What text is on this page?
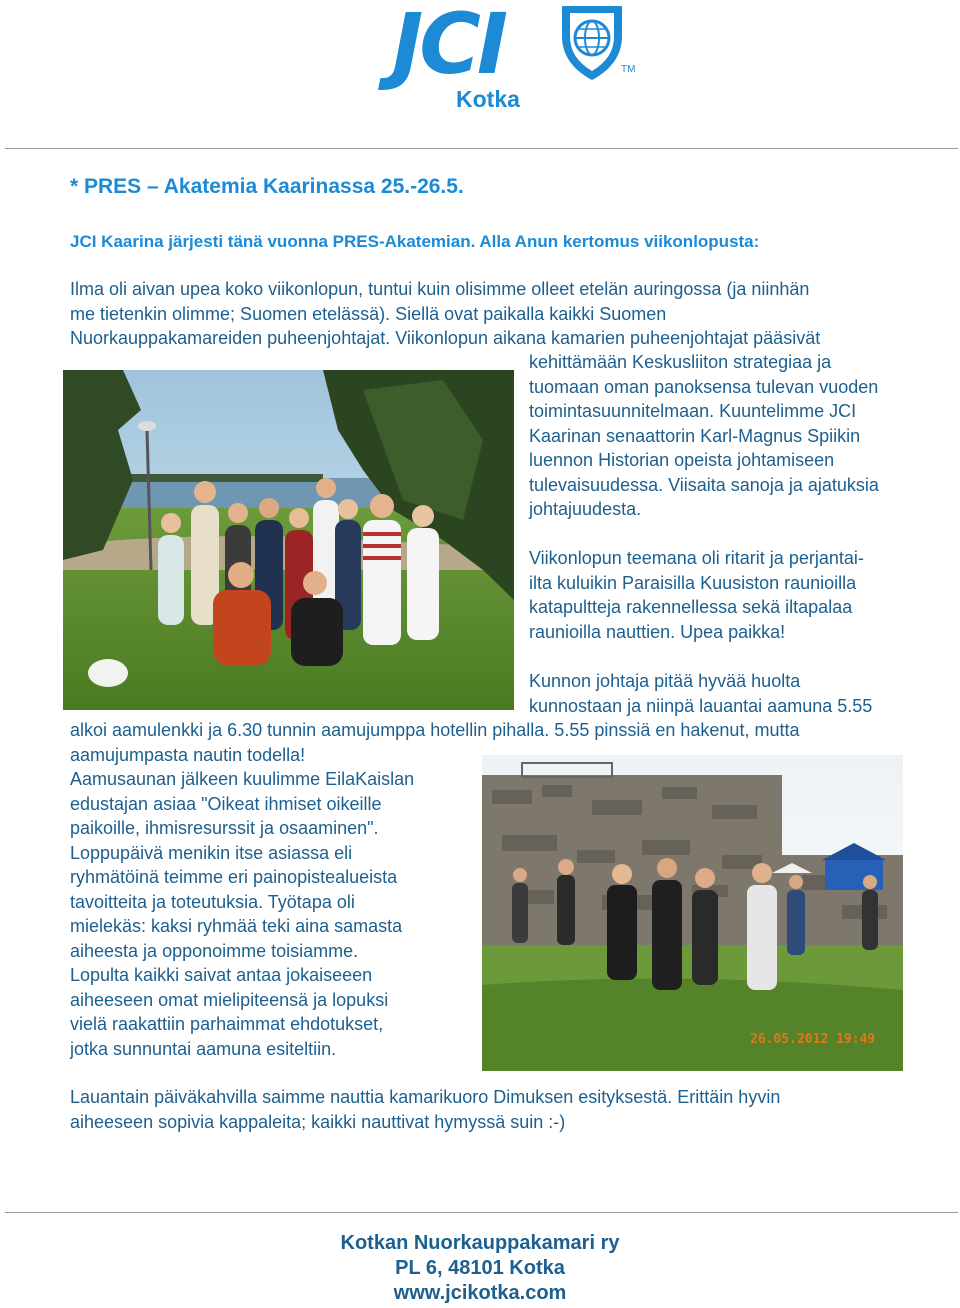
JCI	TM
Kotka
* PRES – Akatemia Kaarinassa 25.-26.5.
JCI Kaarina järjesti tänä vuonna PRES-Akatemian. Alla Anun kertomus viikonlopusta:
Ilma oli aivan upea koko viikonlopun, tuntui kuin olisimme olleet etelän auringossa (ja niinhän
me tietenkin olimme; Suomen etelässä). Siellä ovat paikalla kaikki Suomen
Nuorkauppakamareiden puheenjohtajat. Viikonlopun aikana kamarien puheenjohtajat pääsivät
kehittämään Keskusliiton strategiaa ja
tuomaan oman panoksensa tulevan vuoden
toimintasuunnitelmaan. Kuuntelimme JCI
Kaarinan senaattorin Karl-Magnus Spiikin
luennon Historian opeista johtamiseen
tulevaisuudessa. Viisaita sanoja ja ajatuksia
johtajuudesta.
Viikonlopun teemana oli ritarit ja perjantai-
ilta kuluikin Paraisilla Kuusiston raunioilla
katapultteja rakennellessa sekä iltapalaa
raunioilla nauttien. Upea paikka!
Kunnon johtaja pitää hyvää huolta
kunnostaan ja niinpä lauantai aamuna 5.55
alkoi aamulenkki ja 6.30 tunnin aamujumppa hotellin pihalla. 5.55 pinssiä en hakenut, mutta
aamujumpasta nautin todella!
Aamusaunan jälkeen kuulimme EilaKaislan
edustajan asiaa "Oikeat ihmiset oikeille
paikoille, ihmisresurssit ja osaaminen".
Loppupäivä menikin itse asiassa eli
ryhmätöinä teimme eri painopistealueista
tavoitteita ja toteutuksia. Työtapa oli
mielekäs: kaksi ryhmää teki aina samasta
aiheesta ja opponoimme toisiamme.
Lopulta kaikki saivat antaa jokaiseeen
aiheeseen omat mielipiteensä ja lopuksi
vielä raakattiin parhaimmat ehdotukset,
jotka sunnuntai aamuna esiteltiin.	26.05.2012 19:49
Lauantain päiväkahvilla saimme nauttia kamarikuoro Dimuksen esityksestä. Erittäin hyvin
aiheeseen sopivia kappaleita; kaikki nauttivat hymyssä suin :-)
Kotkan Nuorkauppakamari ry
PL 6, 48101 Kotka
www.jcikotka.com
